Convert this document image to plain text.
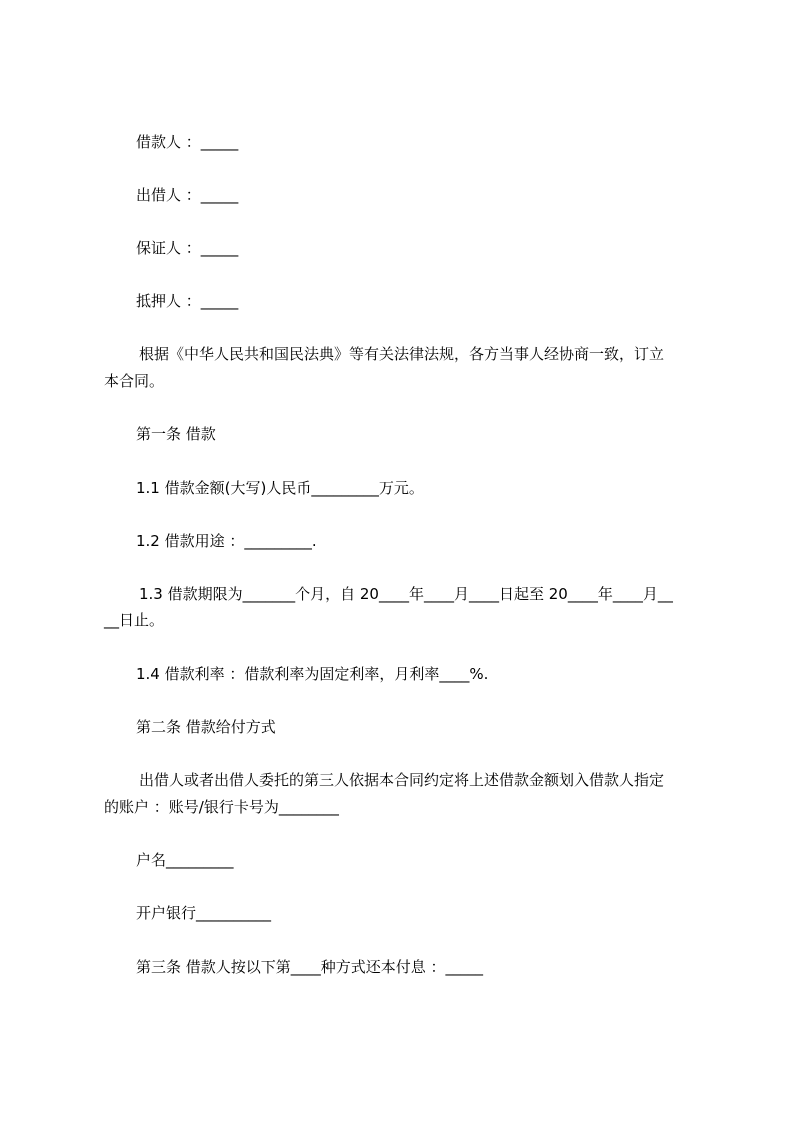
借款人 ：_____
出借人 ：_____
保证人 ：_____
抵押人 ：_____
根据《中华人民共和国民法典》等有关法律法规，各方当事人经协商一致，订立
本合同。
第一条 借款
1.1 借款金额(大写)人民币_________万元。
1.2 借款用途 ：_________.
1.3 借款期限为_______个月，自 20____年____月____日起至 20____年____月__
__日止。
1.4 借款利率 ：借款利率为固定利率，月利率____%.
第二条 借款给付方式
出借人或者出借人委托的第三人依据本合同约定将上述借款金额划入借款人指定
的账户 ：账号/银行卡号为________
户名_________
开户银行__________
第三条 借款人按以下第____种方式还本付息 ：_____
